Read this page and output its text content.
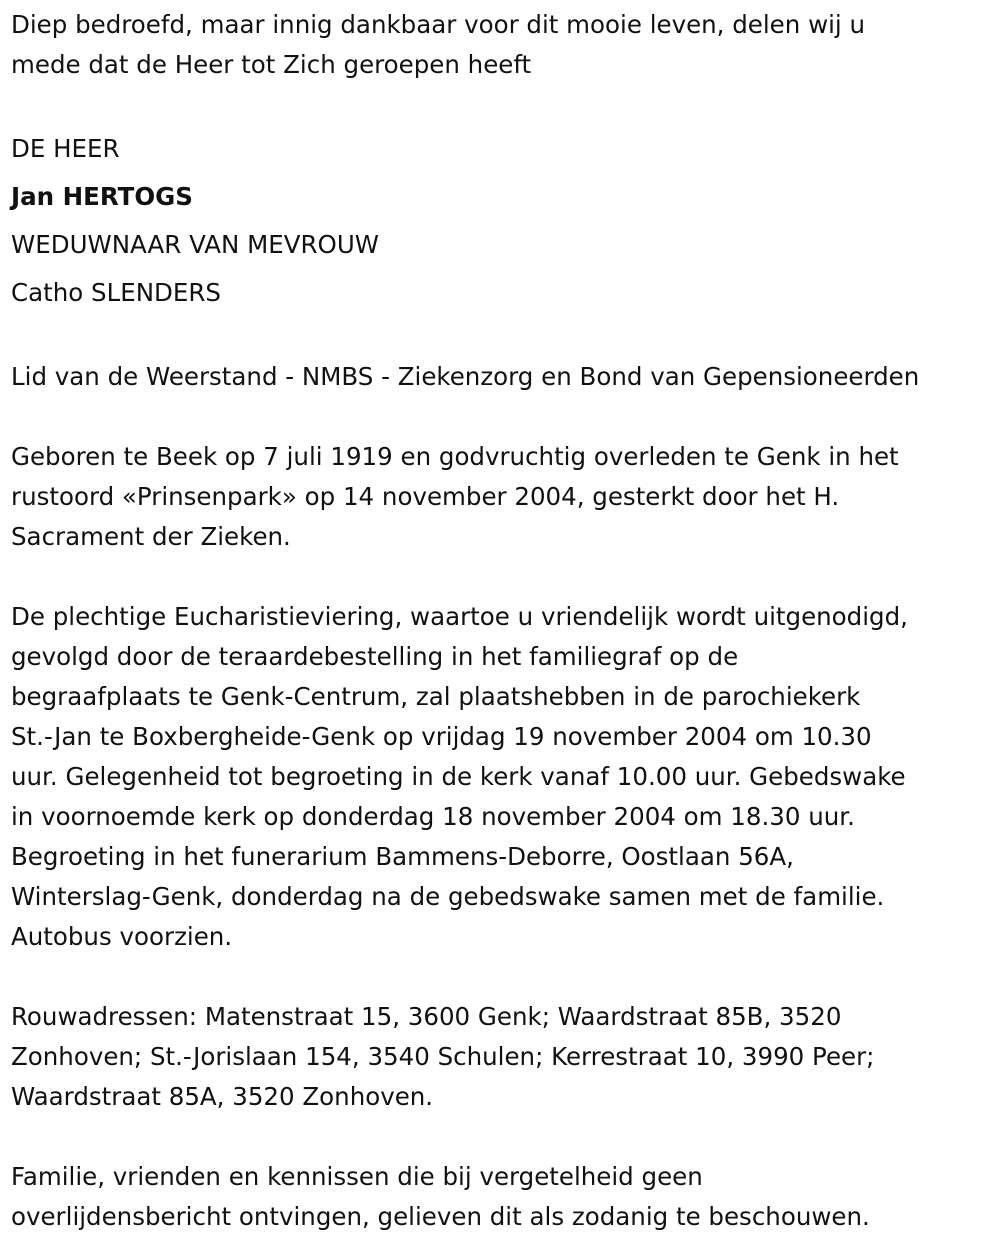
Diep bedroefd, maar innig dankbaar voor dit mooie leven, delen wij u
mede dat de Heer tot Zich geroepen heeft

DE HEER

Jan HERTOGS

WEDUWNAAR VAN MEVROUW

Catho SLENDERS

Lid van de Weerstand - NMBS - Ziekenzorg en Bond van Gepensioneerden

Geboren te Beek op 7 juli 1919 en godvruchtig overleden te Genk in het
rustoord «Prinsenpark» op 14 november 2004, gesterkt door het H.
Sacrament der Zieken.

De plechtige Eucharistieviering, waartoe u vriendelijk wordt uitgenodigd,
gevolgd door de teraardebestelling in het familiegraf op de
begraafplaats te Genk-Centrum, zal plaatshebben in de parochiekerk
St.-Jan te Boxbergheide-Genk op vrijdag 19 november 2004 om 10.30
uur. Gelegenheid tot begroeting in de kerk vanaf 10.00 uur. Gebedswake
in voornoemde kerk op donderdag 18 november 2004 om 18.30 uur.
Begroeting in het funerarium Bammens-Deborre, Oostlaan 56A,
Winterslag-Genk, donderdag na de gebedswake samen met de familie.
Autobus voorzien.

Rouwadressen: Matenstraat 15, 3600 Genk; Waardstraat 85B, 3520
Zonhoven; St.-Jorislaan 154, 3540 Schulen; Kerrestraat 10, 3990 Peer;
Waardstraat 85A, 3520 Zonhoven.

Familie, vrienden en kennissen die bij vergetelheid geen
overlijdensbericht ontvingen, gelieven dit als zodanig te beschouwen.
